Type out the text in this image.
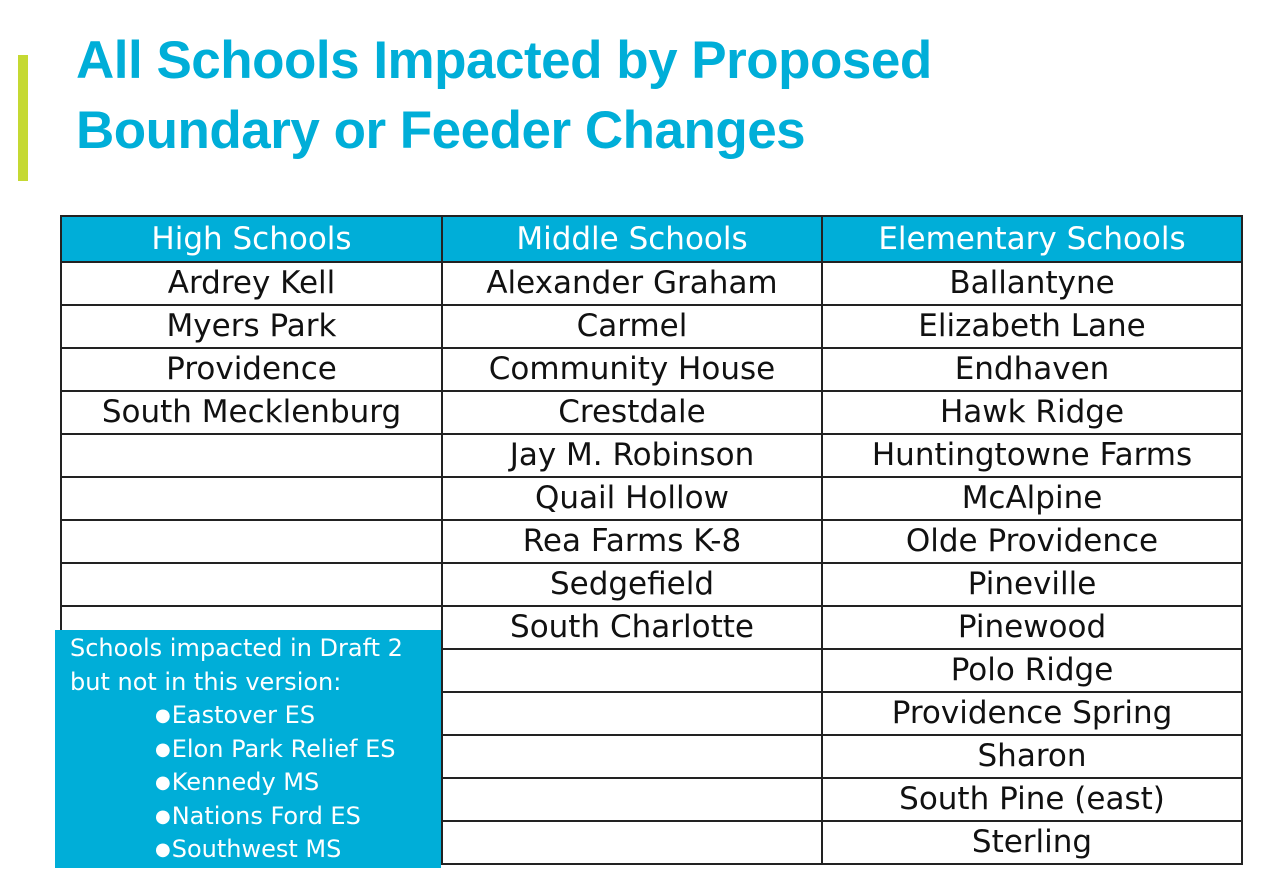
All Schools Impacted by Proposed
Boundary or Feeder Changes
High Schools	Middle Schools	Elementary Schools
Ardrey Kell	Alexander Graham	Ballantyne
Myers Park	Carmel	Elizabeth Lane
Providence	Community House	Endhaven
South Mecklenburg	Crestdale	Hawk Ridge
	Jay M. Robinson	Huntingtowne Farms
	Quail Hollow	McAlpine
	Rea Farms K-8	Olde Providence
	Sedgefield	Pineville
	South Charlotte	Pinewood
		Polo Ridge
		Providence Spring
		Sharon
		South Pine (east)
		Sterling
Schools impacted in Draft 2
but not in this version:
● Eastover ES
● Elon Park Relief ES
● Kennedy MS
● Nations Ford ES
● Southwest MS
